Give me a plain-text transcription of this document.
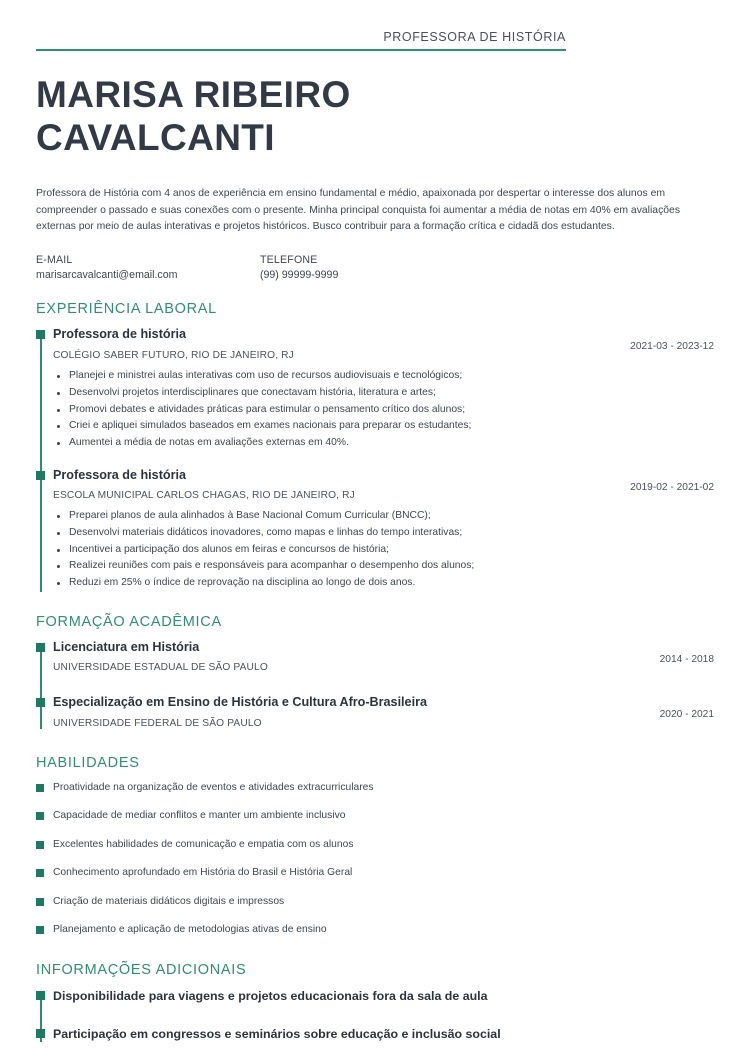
PROFESSORA DE HISTÓRIA
MARISA RIBEIRO
CAVALCANTI

Professora de História com 4 anos de experiência em ensino fundamental e médio, apaixonada por despertar o interesse dos alunos em compreender o passado e suas conexões com o presente. Minha principal conquista foi aumentar a média de notas em 40% em avaliações externas por meio de aulas interativas e projetos históricos. Busco contribuir para a formação crítica e cidadã dos estudantes.

E-MAIL
marisarcavalcanti@email.com
TELEFONE
(99) 99999-9999
EXPERIÊNCIA LABORAL
Professora de história
COLÉGIO SABER FUTURO, RIO DE JANEIRO, RJ
2021-03 - 2023-12
Planejei e ministrei aulas interativas com uso de recursos audiovisuais e tecnológicos;
Desenvolvi projetos interdisciplinares que conectavam história, literatura e artes;
Promovi debates e atividades práticas para estimular o pensamento crítico dos alunos;
Criei e apliquei simulados baseados em exames nacionais para preparar os estudantes;
Aumentei a média de notas em avaliações externas em 40%.
Professora de história
ESCOLA MUNICIPAL CARLOS CHAGAS, RIO DE JANEIRO, RJ
2019-02 - 2021-02
Preparei planos de aula alinhados à Base Nacional Comum Curricular (BNCC);
Desenvolvi materiais didáticos inovadores, como mapas e linhas do tempo interativas;
Incentivei a participação dos alunos em feiras e concursos de história;
Realizei reuniões com pais e responsáveis para acompanhar o desempenho dos alunos;
Reduzi em 25% o índice de reprovação na disciplina ao longo de dois anos.
FORMAÇÃO ACADÊMICA
Licenciatura em História
UNIVERSIDADE ESTADUAL DE SÃO PAULO
2014 - 2018
Especialização em Ensino de História e Cultura Afro-Brasileira
UNIVERSIDADE FEDERAL DE SÃO PAULO
2020 - 2021
HABILIDADES
Proatividade na organização de eventos e atividades extracurriculares
Capacidade de mediar conflitos e manter um ambiente inclusivo
Excelentes habilidades de comunicação e empatia com os alunos
Conhecimento aprofundado em História do Brasil e História Geral
Criação de materiais didáticos digitais e impressos
Planejamento e aplicação de metodologias ativas de ensino
INFORMAÇÕES ADICIONAIS
Disponibilidade para viagens e projetos educacionais fora da sala de aula
Participação em congressos e seminários sobre educação e inclusão social
